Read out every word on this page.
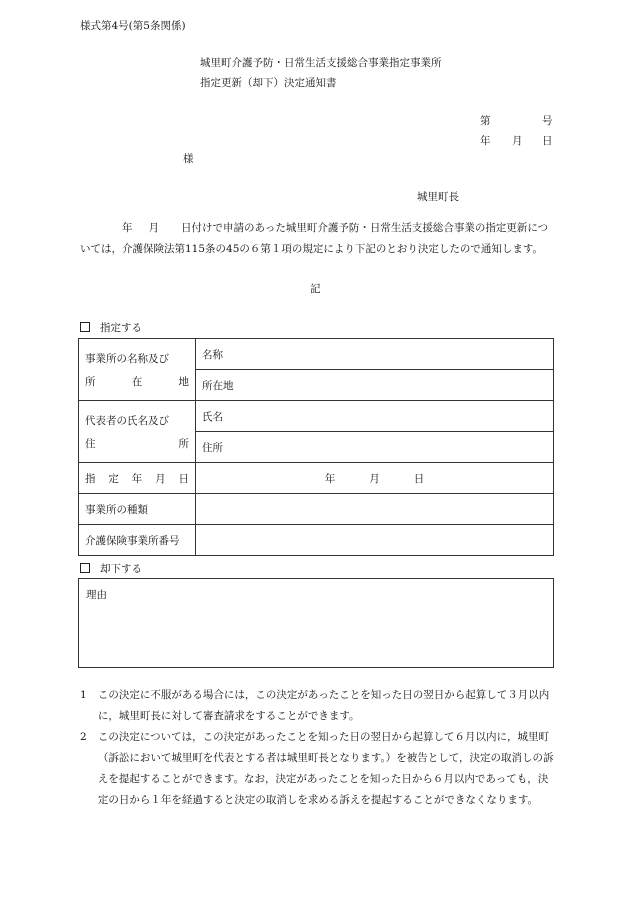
様式第4号(第5条関係)
城里町介護予防・日常生活支援総合事業指定事業所
指定更新（却下）決定通知書
第	号
年 月 日
様
城里町長
年 月 日付けで申請のあった城里町介護予防・日常生活支援総合事業の指定更新については，介護保険法第115条の45の６第１項の規定により下記のとおり決定したので通知します。
記
指定する
事業所の名称及び
所 在 地	名称
	所在地

代表者の氏名及び
住 所	氏名
	住所

指 定 年 月 日	年 月 日

事業所の種類	
介護保険事業所番号	
却下する
理由
1	この決定に不服がある場合には，この決定があったことを知った日の翌日から起算して３月以内に，城里町長に対して審査請求をすることができます。
2	この決定については，この決定があったことを知った日の翌日から起算して６月以内に，城里町（訴訟において城里町を代表とする者は城里町長となります。）を被告として，決定の取消しの訴えを提起することができます。なお，決定があったことを知った日から６月以内であっても，決定の日から１年を経過すると決定の取消しを求める訴えを提起することができなくなります。
